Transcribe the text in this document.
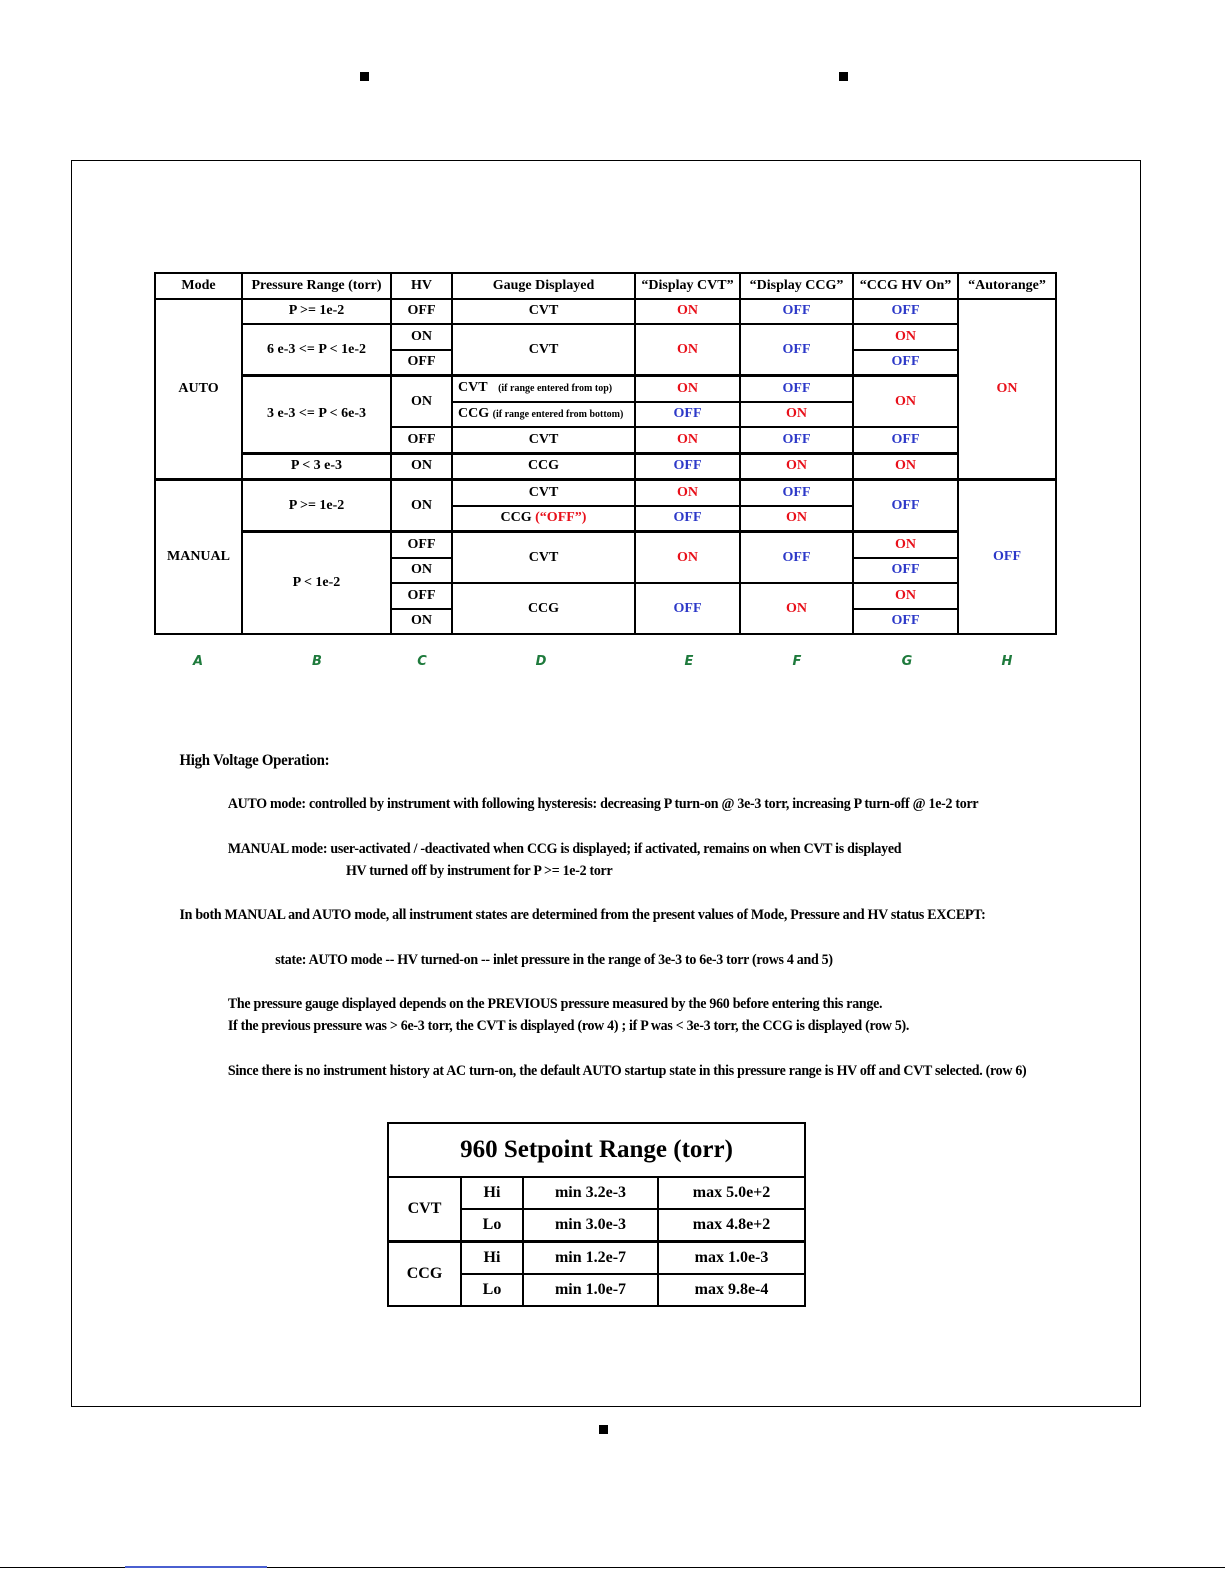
Mode	Pressure Range (torr)	HV	Gauge Displayed	“Display CVT”	“Display CCG”	“CCG HV On”	“Autorange”
AUTO	P >= 1e-2	OFF	CVT	ON	OFF	OFF	ON
	6 e-3 <= P < 1e-2	ON	CVT	ON	OFF	ON	
		OFF				OFF	
	3 e-3 <= P < 6e-3	ON	CVT (if range entered from top)	ON	OFF	ON	
			CCG (if range entered from bottom)	OFF	ON		
		OFF	CVT	ON	OFF	OFF	
	P < 3 e-3	ON	CCG	OFF	ON	ON	
MANUAL	P >= 1e-2	ON	CVT	ON	OFF	OFF	OFF
			CCG (“OFF”)	OFF	ON		
	P < 1e-2	OFF	CVT	ON	OFF	ON	
		ON				OFF	
		OFF	CCG	OFF	ON	ON	
		ON				OFF	
A	B	C	D	E	F	G	H
High Voltage Operation:
AUTO mode: controlled by instrument with following hysteresis: decreasing P turn-on @ 3e-3 torr, increasing P turn-off @ 1e-2 torr
MANUAL mode: user-activated / -deactivated when CCG is displayed; if activated, remains on when CVT is displayed
HV turned off by instrument for P >= 1e-2 torr
In both MANUAL and AUTO mode, all instrument states are determined from the present values of Mode, Pressure and HV status EXCEPT:
state: AUTO mode -- HV turned-on -- inlet pressure in the range of 3e-3 to 6e-3 torr (rows 4 and 5)
The pressure gauge displayed depends on the PREVIOUS pressure measured by the 960 before entering this range.
If the previous pressure was > 6e-3 torr, the CVT is displayed (row 4) ; if P was < 3e-3 torr, the CCG is displayed (row 5).
Since there is no instrument history at AC turn-on, the default AUTO startup state in this pressure range is HV off and CVT selected. (row 6)
960 Setpoint Range (torr)			
CVT	Hi	min 3.2e-3	max 5.0e+2
	Lo	min 3.0e-3	max 4.8e+2
CCG	Hi	min 1.2e-7	max 1.0e-3
	Lo	min 1.0e-7	max 9.8e-4
